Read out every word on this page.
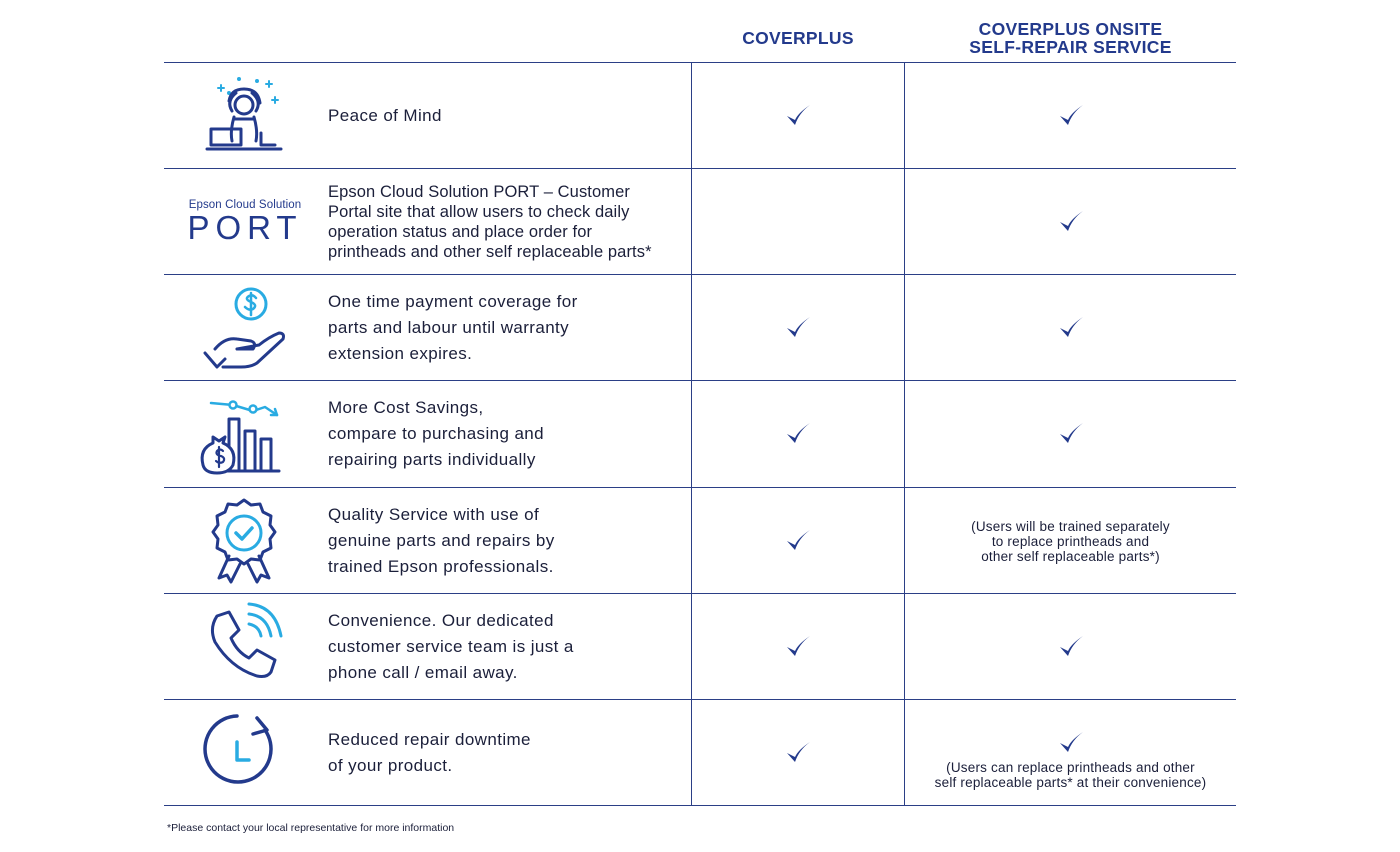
COVERPLUS	COVERPLUS ONSITE
SELF-REPAIR SERVICE
Peace of Mind
Epson Cloud Solution
PORT
Epson Cloud Solution PORT – Customer
Portal site that allow users to check daily
operation status and place order for
printheads and other self replaceable parts*
One time payment coverage for
parts and labour until warranty
extension expires.
More Cost Savings,
compare to purchasing and
repairing parts individually
Quality Service with use of
genuine parts and repairs by
trained Epson professionals.
(Users will be trained separately
to replace printheads and
other self replaceable parts*)
Convenience. Our dedicated
customer service team is just a
phone call / email away.
Reduced repair downtime
of your product.	(Users can replace printheads and other
self replaceable parts* at their convenience)
*Please contact your local representative for more information
